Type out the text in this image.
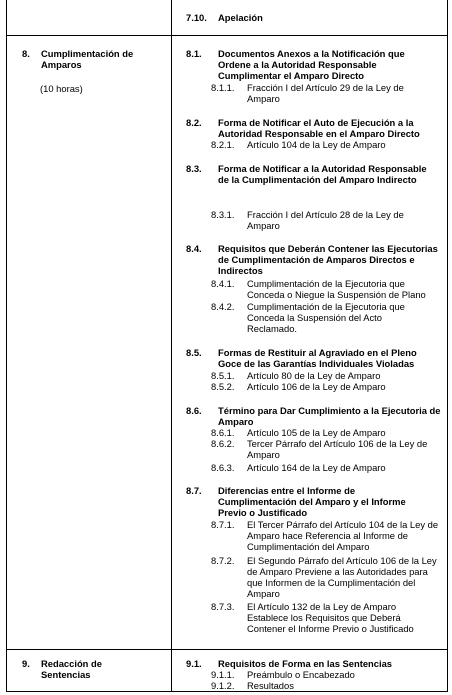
7.10. Apelación
8. Cumplimentación de Amparos
(10 horas)
8.1. Documentos Anexos a la Notificación que Ordene a la Autoridad Responsable Cumplimentar el Amparo Directo
8.1.1. Fracción I del Artículo 29 de la Ley de Amparo
8.2. Forma de Notificar el Auto de Ejecución a la Autoridad Responsable en el Amparo Directo
8.2.1. Artículo 104 de la Ley de Amparo
8.3. Forma de Notificar a la Autoridad Responsable de la Cumplimentación del Amparo Indirecto
8.3.1. Fracción I del Artículo 28 de la Ley de Amparo
8.4. Requisitos que Deberán Contener las Ejecutorias de Cumplimentación de Amparos Directos e Indirectos
8.4.1. Cumplimentación de la Ejecutoria que Conceda o Niegue la Suspensión de Plano
8.4.2. Cumplimentación de la Ejecutoria que Conceda la Suspensión del Acto Reclamado.
8.5. Formas de Restituir al Agraviado en el Pleno Goce de las Garantías Individuales Violadas
8.5.1. Artículo 80 de la Ley de Amparo
8.5.2. Artículo 106 de la Ley de Amparo
8.6. Término para Dar Cumplimiento a la Ejecutoria de Amparo
8.6.1. Artículo 105 de la Ley de Amparo
8.6.2. Tercer Párrafo del Artículo 106 de la Ley de Amparo
8.6.3. Artículo 164 de la Ley de Amparo
8.7. Diferencias entre el Informe de Cumplimentación del Amparo y el Informe Previo o Justificado
8.7.1. El Tercer Párrafo del Artículo 104 de la Ley de Amparo hace Referencia al Informe de Cumplimentación del Amparo
8.7.2. El Segundo Párrafo del Artículo 106 de la Ley de Amparo Previene a las Autoridades para que Informen de la Cumplimentación del Amparo
8.7.3. El Artículo 132 de la Ley de Amparo Establece los Requisitos que Deberá Contener el Informe Previo o Justificado
9. Redacción de Sentencias
9.1. Requisitos de Forma en las Sentencias
9.1.1. Preámbulo o Encabezado
9.1.2. Resultados
